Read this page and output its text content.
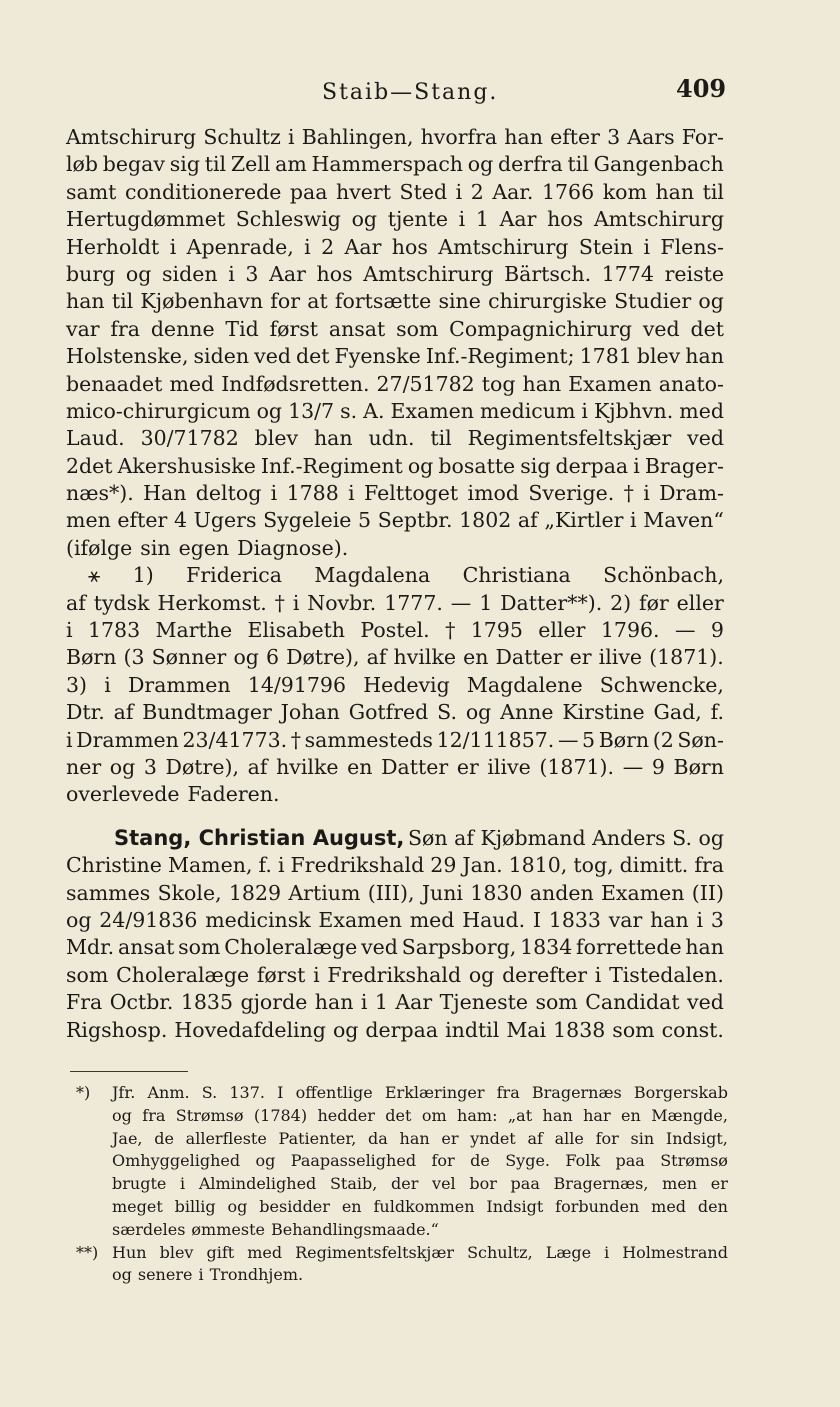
Staib—Stang.	409
Amtschirurg Schultz i Bahlingen, hvorfra han efter 3 Aars For-
løb begav sig til Zell am Hammerspach og derfra til Gangenbach
samt conditionerede paa hvert Sted i 2 Aar. 1766 kom han til
Hertugdømmet Schleswig og tjente i 1 Aar hos Amtschirurg
Herholdt i Apenrade, i 2 Aar hos Amtschirurg Stein i Flens-
burg og siden i 3 Aar hos Amtschirurg Bärtsch. 1774 reiste
han til Kjøbenhavn for at fortsætte sine chirurgiske Studier og
var fra denne Tid først ansat som Compagnichirurg ved det
Holstenske, siden ved det Fyenske Inf.-Regiment; 1781 blev han
benaadet med Indfødsretten. 27/51782 tog han Examen anato-
mico-chirurgicum og 13/7 s. A. Examen medicum i Kjbhvn. med
Laud. 30/71782 blev han udn. til Regimentsfeltskjær ved
2det Akershusiske Inf.-Regiment og bosatte sig derpaa i Brager-
næs*). Han deltog i 1788 i Felttoget imod Sverige. † i Dram-
men efter 4 Ugers Sygeleie 5 Septbr. 1802 af „Kirtler i Maven“
(ifølge sin egen Diagnose).
⚹ 1) Friderica Magdalena Christiana Schönbach,
af tydsk Herkomst. † i Novbr. 1777. — 1 Datter**). 2) før eller
i 1783 Marthe Elisabeth Postel. † 1795 eller 1796. — 9
Børn (3 Sønner og 6 Døtre), af hvilke en Datter er ilive (1871).
3) i Drammen 14/91796 Hedevig Magdalene Schwencke,
Dtr. af Bundtmager Johan Gotfred S. og Anne Kirstine Gad, f.
i Drammen 23/41773. † sammesteds 12/111857. — 5 Børn (2 Søn-
ner og 3 Døtre), af hvilke en Datter er ilive (1871). — 9 Børn
overlevede Faderen.
Stang, Christian August, Søn af Kjøbmand Anders S. og
Christine Mamen, f. i Fredrikshald 29 Jan. 1810, tog, dimitt. fra
sammes Skole, 1829 Artium (III), Juni 1830 anden Examen (II)
og 24/91836 medicinsk Examen med Haud. I 1833 var han i 3
Mdr. ansat som Choleralæge ved Sarpsborg, 1834 forrettede han
som Choleralæge først i Fredrikshald og derefter i Tistedalen.
Fra Octbr. 1835 gjorde han i 1 Aar Tjeneste som Candidat ved
Rigshosp. Hovedafdeling og derpaa indtil Mai 1838 som const.
*)	Jfr. Anm. S. 137. I offentlige Erklæringer fra Bragernæs Borgerskab
og fra Strømsø (1784) hedder det om ham: „at han har en Mængde,
Jae, de allerfleste Patienter, da han er yndet af alle for sin Indsigt,
Omhyggelighed og Paapasselighed for de Syge. Folk paa Strømsø
brugte i Almindelighed Staib, der vel bor paa Bragernæs, men er
meget billig og besidder en fuldkommen Indsigt forbunden med den
særdeles ømmeste Behandlingsmaade.“
**) Hun blev gift med Regimentsfeltskjær Schultz, Læge i Holmestrand
og senere i Trondhjem.
